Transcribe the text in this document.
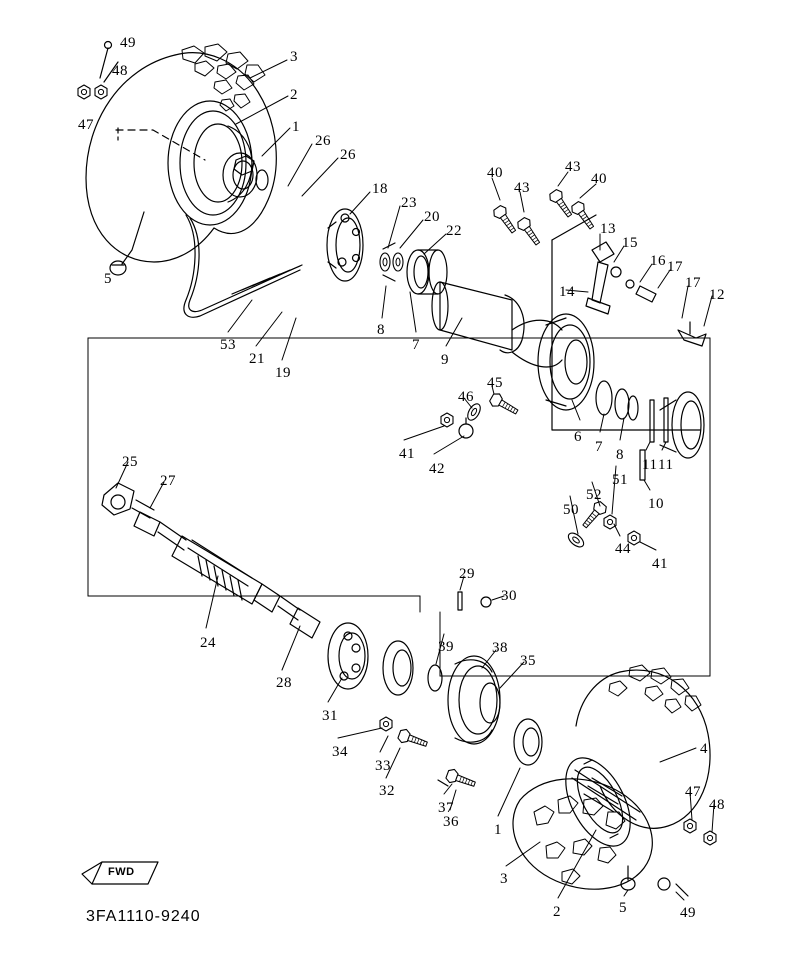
49
48
47
3
2
1
26
26
5
18
23
20
22
8
7
9
53
21
19
40	43
40
43
13
15
14
16 17
17
12
46
45
41
42
6
7 8
11 11
50
51
52
10
44
41
25
27
24
28
31
34
33
32
37
36 1
39	38
35
29
30
4
47
48
3
2	5	49
FWD
3FA1110-9240
